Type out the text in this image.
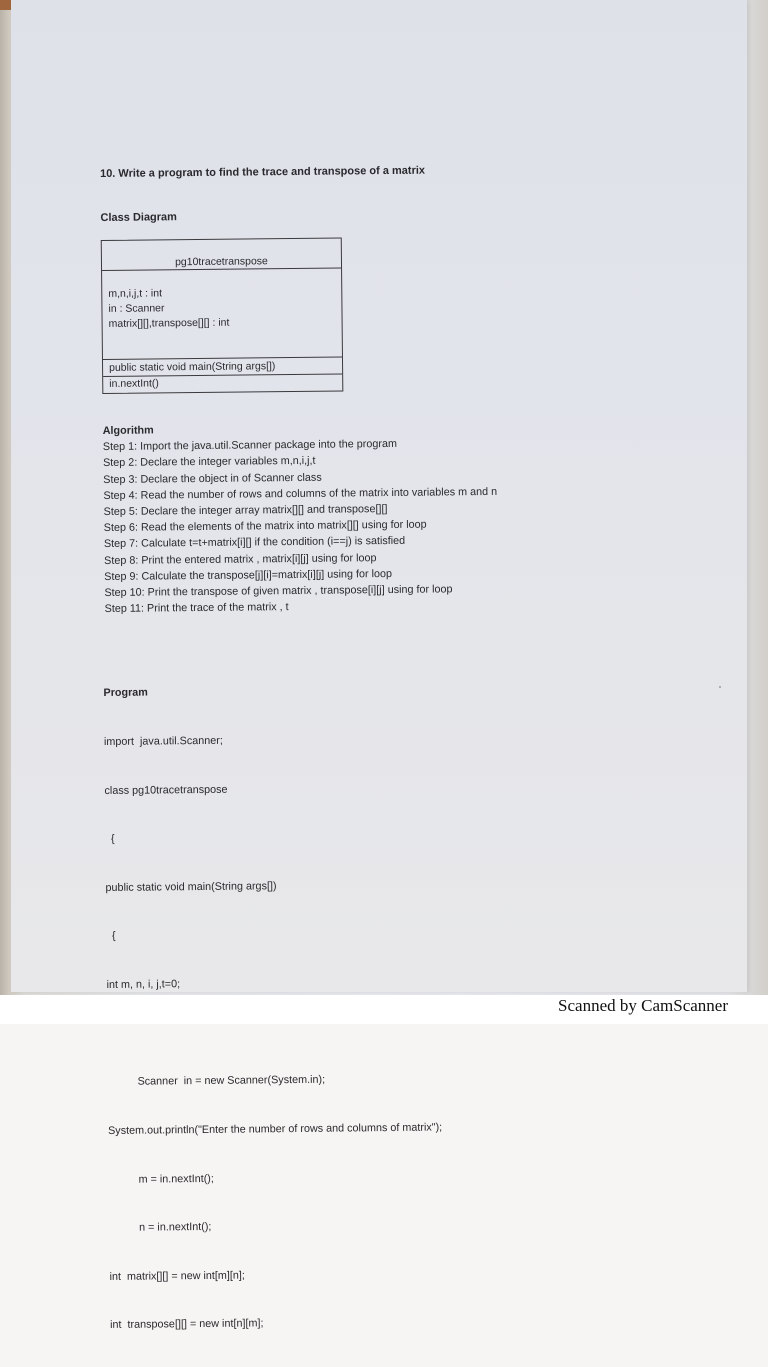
10. Write a program to find the trace and transpose of a matrix

Class Diagram

pg10tracetranspose
m,n,i,j,t : int
in : Scanner
matrix[][],transpose[][] : int
public static void main(String args[])
in.nextInt()
Algorithm
Step 1: Import the java.util.Scanner package into the program
Step 2: Declare the integer variables m,n,i,j,t
Step 3: Declare the object in of Scanner class
Step 4: Read the number of rows and columns of the matrix into variables m and n
Step 5: Declare the integer array matrix[][] and transpose[][]
Step 6: Read the elements of the matrix into matrix[][] using for loop
Step 7: Calculate t=t+matrix[i][] if the condition (i==j) is satisfied
Step 8: Print the entered matrix , matrix[i][j] using for loop
Step 9: Calculate the transpose[j][i]=matrix[i][j] using for loop
Step 10: Print the transpose of given matrix , transpose[i][j] using for loop
Step 11: Print the trace of the matrix , t

Program

import  java.util.Scanner;

class pg10tracetranspose

{

public static void main(String args[])

{

int m, n, i, j,t=0;

Scanner  in = new Scanner(System.in);

System.out.println("Enter the number of rows and columns of matrix");

m = in.nextInt();

n = in.nextInt();

int  matrix[][] = new int[m][n];

int  transpose[][] = new int[n][m];

Scanned by CamScanner
